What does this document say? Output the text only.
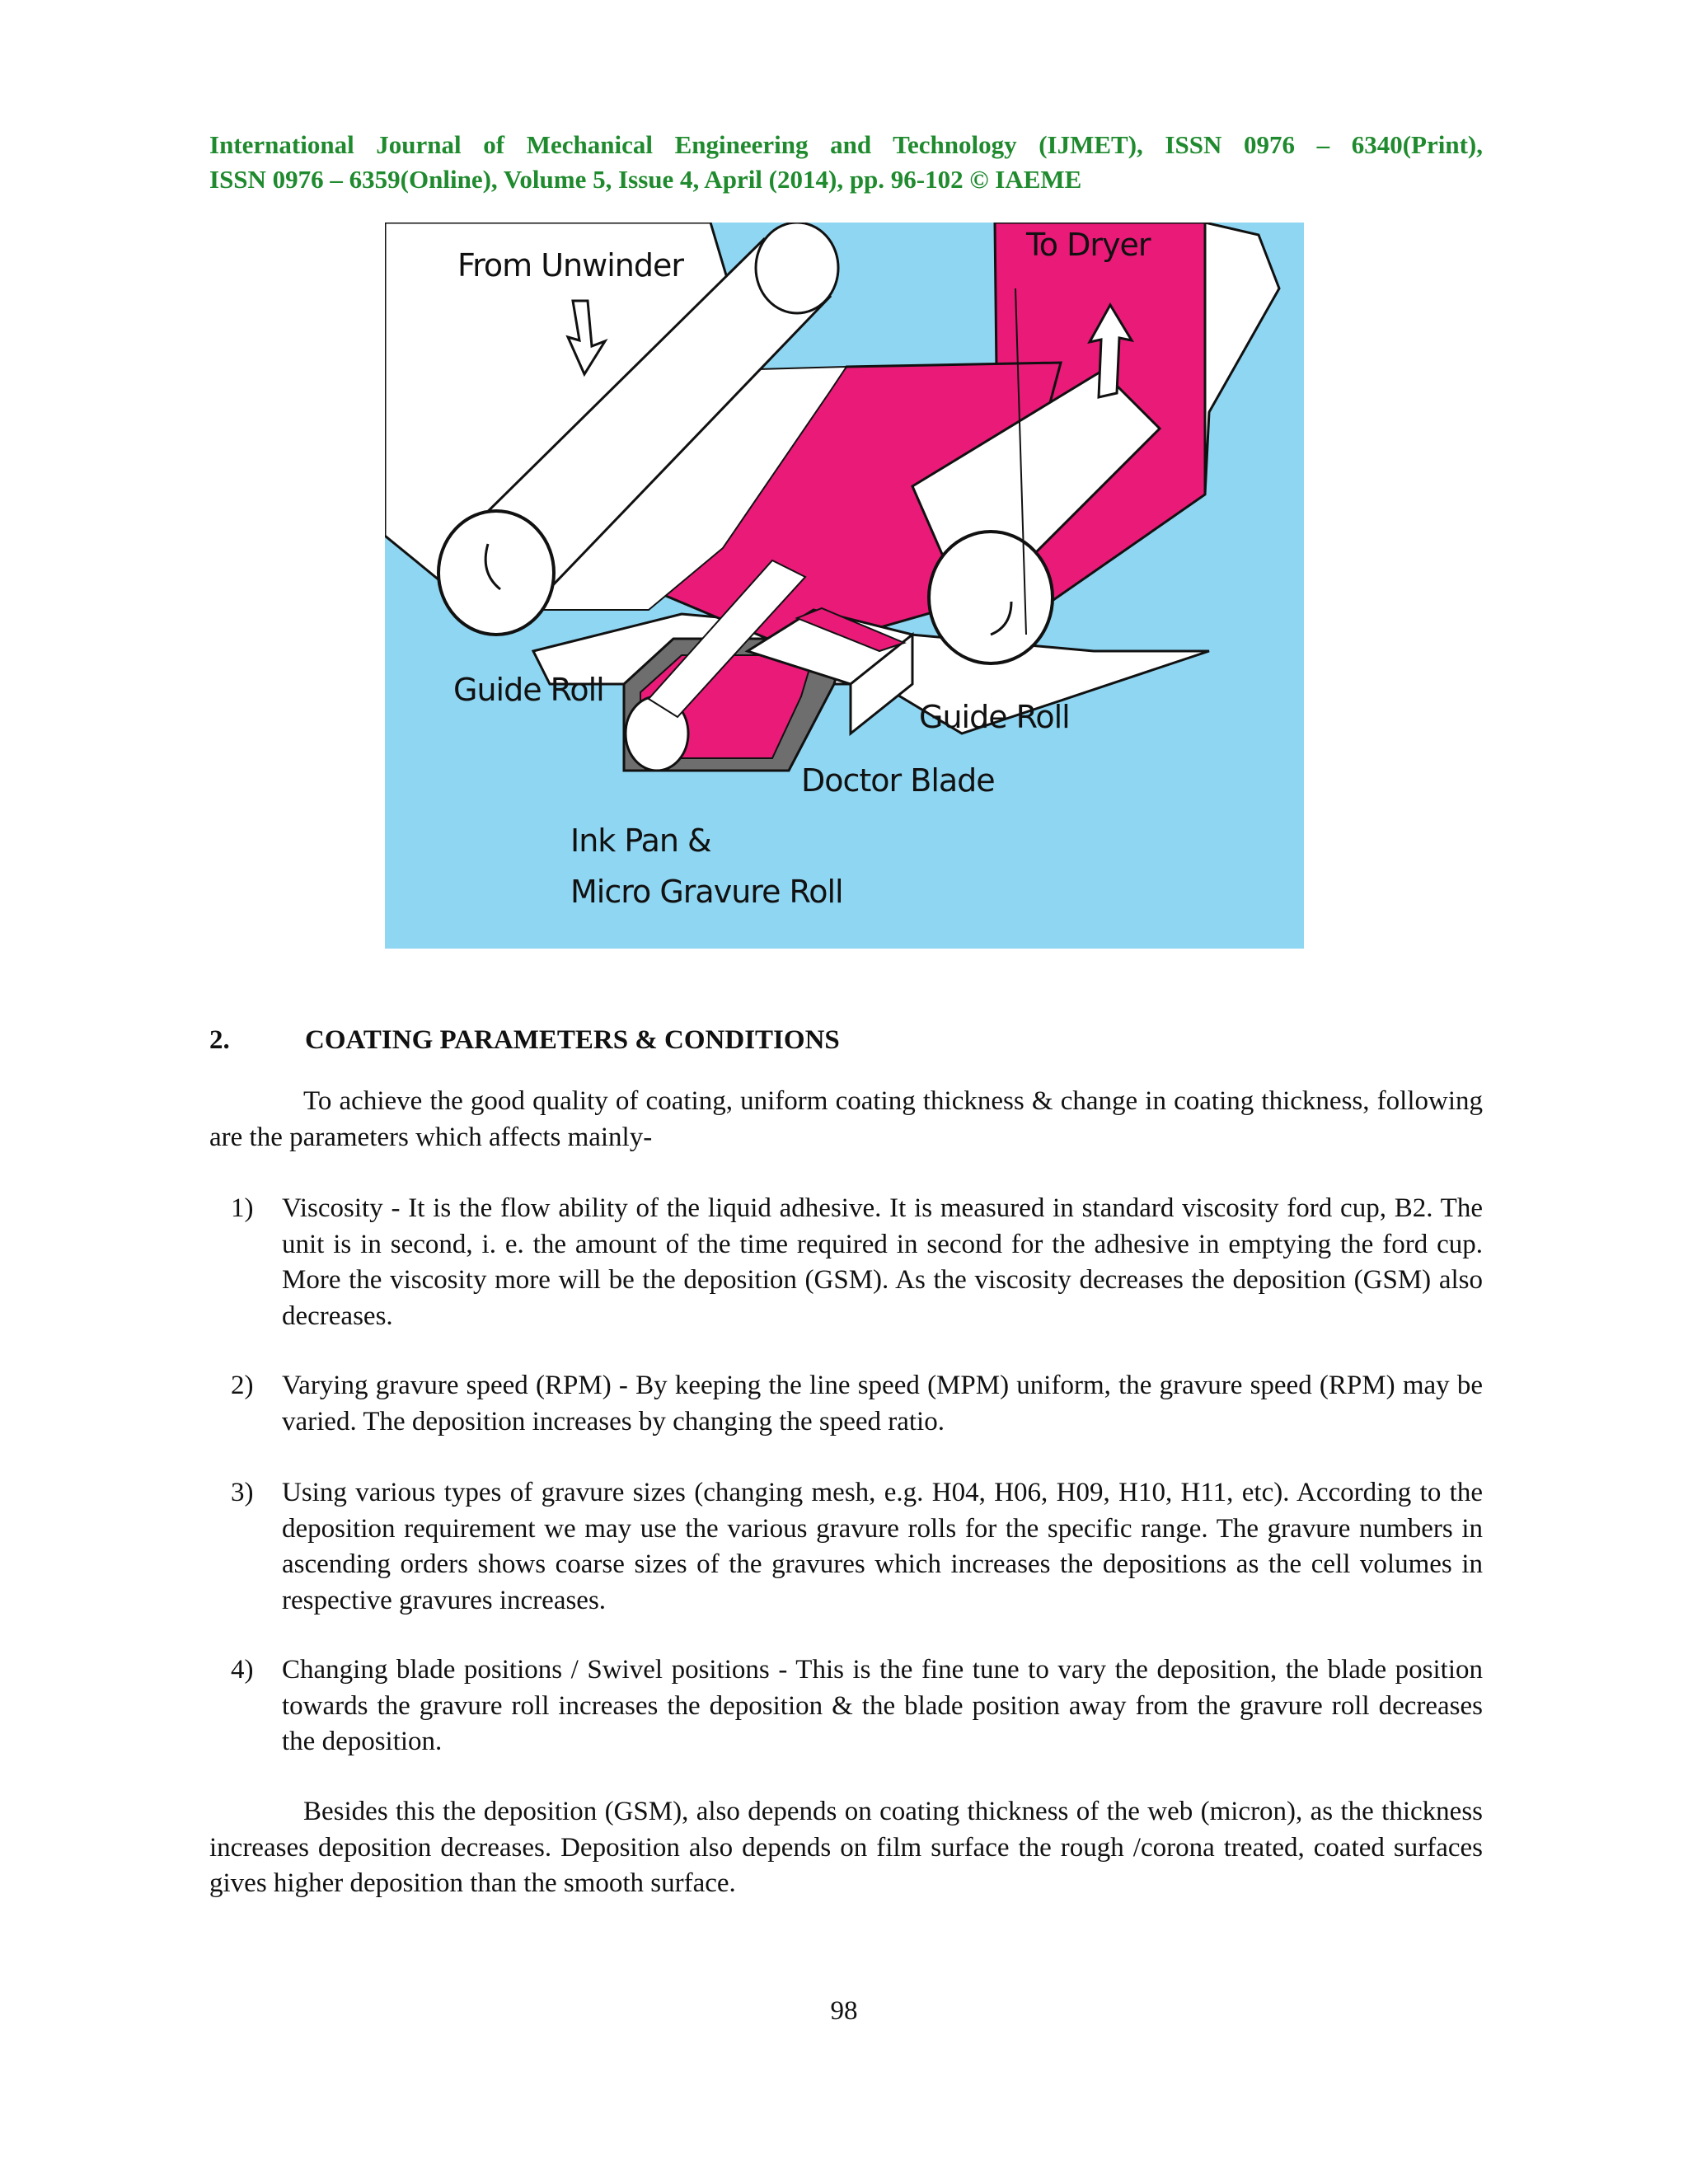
International Journal of Mechanical Engineering and Technology (IJMET), ISSN 0976 – 6340(Print),
ISSN 0976 – 6359(Online), Volume 5, Issue 4, April (2014), pp. 96-102 © IAEME
From Unwinder
To Dryer
Guide Roll
Guide Roll
Doctor Blade
Ink Pan &
Micro Gravure Roll
2.	COATING PARAMETERS & CONDITIONS
To achieve the good quality of coating, uniform coating thickness & change in coating thickness, following are the parameters which affects mainly-
1)	Viscosity - It is the flow ability of the liquid adhesive. It is measured in standard viscosity ford cup, B2. The unit is in second, i. e. the amount of the time required in second for the adhesive in emptying the ford cup. More the viscosity more will be the deposition (GSM). As the viscosity decreases the deposition (GSM) also decreases.
2)	Varying gravure speed (RPM) - By keeping the line speed (MPM) uniform, the gravure speed (RPM) may be varied. The deposition increases by changing the speed ratio.
3)	Using various types of gravure sizes (changing mesh, e.g. H04, H06, H09, H10, H11, etc). According to the deposition requirement we may use the various gravure rolls for the specific range. The gravure numbers in ascending orders shows coarse sizes of the gravures which increases the depositions as the cell volumes in respective gravures increases.
4)	Changing blade positions / Swivel positions - This is the fine tune to vary the deposition, the blade position towards the gravure roll increases the deposition & the blade position away from the gravure roll decreases the deposition.
Besides this the deposition (GSM), also depends on coating thickness of the web (micron), as the thickness increases deposition decreases. Deposition also depends on film surface the rough /corona treated, coated surfaces gives higher deposition than the smooth surface.
98
